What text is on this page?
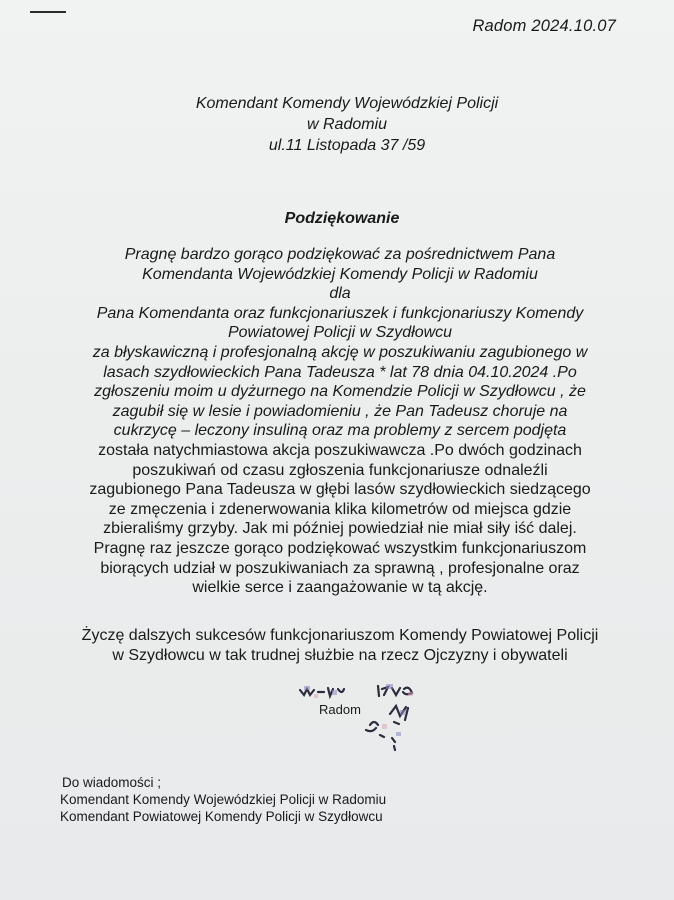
Radom 2024.10.07
Komendant Komendy Wojewódzkiej Policji
w Radomiu
ul.11 Listopada 37 /59
Podziękowanie
Pragnę bardzo gorąco podziękować za pośrednictwem Pana
Komendanta Wojewódzkiej Komendy Policji w Radomiu
dla
Pana Komendanta oraz funkcjonariuszek i funkcjonariuszy Komendy
Powiatowej Policji w Szydłowcu
za błyskawiczną i profesjonalną akcję w poszukiwaniu zagubionego w
lasach szydłowieckich Pana Tadeusza * lat 78 dnia 04.10.2024 .Po
zgłoszeniu moim u dyżurnego na Komendzie Policji w Szydłowcu , że
zagubił się w lesie i powiadomieniu , że Pan Tadeusz choruje na
cukrzycę – leczony insuliną oraz ma problemy z sercem podjęta
została natychmiastowa akcja poszukiwawcza .Po dwóch godzinach
poszukiwań od czasu zgłoszenia funkcjonariusze odnaleźli
zagubionego Pana Tadeusza w głębi lasów szydłowieckich siedzącego
ze zmęczenia i zdenerwowania klika kilometrów od miejsca gdzie
zbieraliśmy grzyby. Jak mi później powiedział nie miał siły iść dalej.
Pragnę raz jeszcze gorąco podziękować wszystkim funkcjonariuszom
biorących udział w poszukiwaniach za sprawną , profesjonalne oraz
wielkie serce i zaangażowanie w tą akcję.
Życzę dalszych sukcesów funkcjonariuszom Komendy Powiatowej Policji
w Szydłowcu w tak trudnej służbie na rzecz Ojczyzny i obywateli
Radom
Do wiadomości ;
Komendant Komendy Wojewódzkiej Policji w Radomiu
Komendant Powiatowej Komendy Policji w Szydłowcu
